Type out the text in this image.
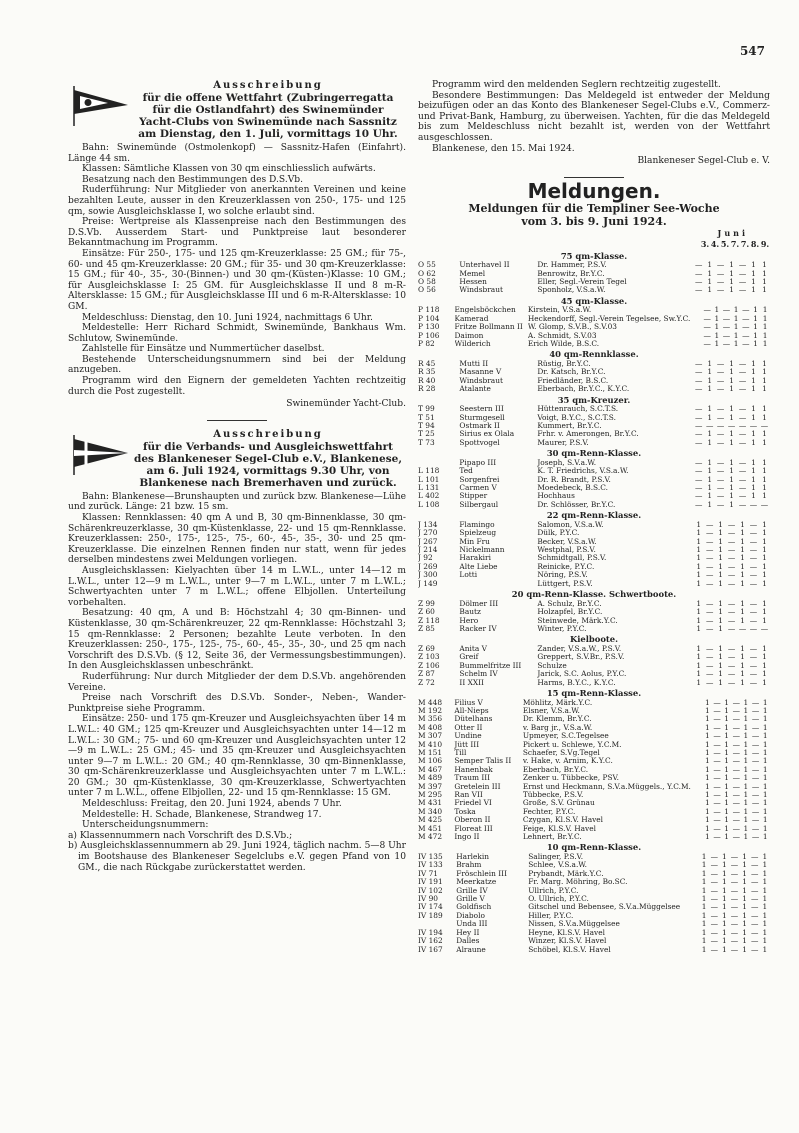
547
Ausschreibung
für die offene Wettfahrt (Zubringerregatta
für die Ostlandfahrt) des Swinemünder
Yacht-Clubs von Swinemünde nach Sassnitz
am Dienstag, den 1. Juli, vormittags 10 Uhr.

Bahn: Swinemünde (Ostmolenkopf) — Sassnitz-Hafen (Einfahrt). Länge 44 sm.

Klassen: Sämtliche Klassen von 30 qm einschliesslich aufwärts.

Besatzung nach den Bestimmungen des D.S.Vb.

Ruderführung: Nur Mitglieder von anerkannten Vereinen und keine bezahlten Leute, ausser in den Kreuzerklassen von 250-, 175- und 125 qm, sowie Ausgleichsklasse I, wo solche erlaubt sind.

Preise: Wertpreise als Klassenpreise nach den Bestimmungen des D.S.Vb. Ausserdem Start- und Punktpreise laut besonderer Bekanntmachung im Programm.

Einsätze: Für 250-, 175- und 125 qm-Kreuzerklasse: 25 GM.; für 75-, 60- und 45 qm-Kreuzerklasse: 20 GM.; für 35- und 30 qm-Kreuzerklasse: 15 GM.; für 40-, 35-, 30-(Binnen-) und 30 qm-(Küsten-)Klasse: 10 GM.; für Ausgleichsklasse I: 25 GM. für Ausgleichsklasse II und 8 m-R-Altersklasse: 15 GM.; für Ausgleichsklasse III und 6 m-R-Altersklasse: 10 GM.

Meldeschluss: Dienstag, den 10. Juni 1924, nachmittags 6 Uhr.

Meldestelle: Herr Richard Schmidt, Swinemünde, Bankhaus Wm. Schlutow, Swinemünde.

Zahlstelle für Einsätze und Nummertücher daselbst.

Bestehende Unterscheidungsnummern sind bei der Meldung anzugeben.

Programm wird den Eignern der gemeldeten Yachten rechtzeitig durch die Post zugestellt.

Swinemünder Yacht-Club.
Ausschreibung
für die Verbands- und Ausgleichswettfahrt
des Blankeneser Segel-Club e.V., Blankenese,
am 6. Juli 1924, vormittags 9.30 Uhr, von
Blankenese nach Bremerhaven und zurück.

Bahn: Blankenese—Brunshaupten und zurück bzw. Blankenese—Lühe und zurück. Länge: 21 bzw. 15 sm.

Klassen: Rennklassen: 40 qm A und B, 30 qm-Binnenklasse, 30 qm-Schärenkreuzerklasse, 30 qm-Küstenklasse, 22- und 15 qm-Rennklasse. Kreuzerklassen: 250-, 175-, 125-, 75-, 60-, 45-, 35-, 30- und 25 qm-Kreuzerklasse. Die einzelnen Rennen finden nur statt, wenn für jedes derselben mindestens zwei Meldungen vorliegen.

Ausgleichsklassen: Kielyachten über 14 m L.W.L., unter 14—12 m L.W.L., unter 12—9 m L.W.L., unter 9—7 m L.W.L., unter 7 m L.W.L.; Schwertyachten unter 7 m L.W.L.; offene Elbjollen. Unterteilung vorbehalten.

Besatzung: 40 qm, A und B: Höchstzahl 4; 30 qm-Binnen- und Küstenklasse, 30 qm-Schärenkreuzer, 22 qm-Rennklasse: Höchstzahl 3; 15 qm-Rennklasse: 2 Personen; bezahlte Leute verboten. In den Kreuzerklassen: 250-, 175-, 125-, 75-, 60-, 45-, 35-, 30-, und 25 qm nach Vorschrift des D.S.Vb. (§ 12, Seite 36, der Vermessungsbestimmungen). In den Ausgleichsklassen unbeschränkt.

Ruderführung: Nur durch Mitglieder der dem D.S.Vb. angehörenden Vereine.

Preise nach Vorschrift des D.S.Vb. Sonder-, Neben-, Wander-Punktpreise siehe Programm.

Einsätze: 250- und 175 qm-Kreuzer und Ausgleichsyachten über 14 m L.W.L.: 40 GM.; 125 qm-Kreuzer und Ausgleichsyachten unter 14—12 m L.W.L.: 30 GM.; 75- und 60 qm-Kreuzer und Ausgleichsyachten unter 12—9 m L.W.L.: 25 GM.; 45- und 35 qm-Kreuzer und Ausgleichsyachten unter 9—7 m L.W.L.: 20 GM.; 40 qm-Rennklasse, 30 qm-Binnenklasse, 30 qm-Schärenkreuzerklasse und Ausgleichsyachten unter 7 m L.W.L.: 20 GM.; 30 qm-Küstenklasse, 30 qm-Kreuzerklasse, Schwertyachten unter 7 m L.W.L., offene Elbjollen, 22- und 15 qm-Rennklasse: 15 GM.

Meldeschluss: Freitag, den 20. Juni 1924, abends 7 Uhr.

Meldestelle: H. Schade, Blankenese, Strandweg 17.

Unterscheidungsnummern:

a) Klassennummern nach Vorschrift des D.S.Vb.;
b) Ausgleichsklassennummern ab 29. Juni 1924, täglich nachm. 5—8 Uhr im Bootshause des Blankeneser Segelclubs e.V. gegen Pfand von 10 GM., die nach Rückgabe zurückerstattet werden.

Programm wird den meldenden Seglern rechtzeitig zugestellt.

Besondere Bestimmungen: Das Meldegeld ist entweder der Meldung beizufügen oder an das Konto des Blankeneser Segel-Clubs e.V., Commerz- und Privat-Bank, Hamburg, zu überweisen. Yachten, für die das Meldegeld bis zum Meldeschluss nicht bezahlt ist, werden von der Wettfahrt ausgeschlossen.

Blankenese, den 15. Mai 1924.

Blankeneser Segel-Club e. V.
Meldungen.
Meldungen für die Templiner See-Woche
vom 3. bis 9. Juni 1924.
Juni
3. 4. 5. 7. 7. 8. 9.
75 qm-Klasse.
O 55	Unterhavel II	Dr. Hammer, P.S.V.	—	1	—	1	—	1	1
O 62	Memel	Benrowitz, Br.Y.C.	—	1	—	1	—	1	1
O 58	Hessen	Eller, Segl.-Verein Tegel	—	1	—	1	—	1	1
O 56	Windsbraut	Sponholz, V.S.a.W.	—	1	—	1	—	1	1
45 qm-Klasse.
P 118	Engelsböckchen	Kirstein, V.S.a.W.	—	1	—	1	—	1	1
P 104	Kamerad	Heckendorff, Segl.-Verein Tegelsee, Sw.Y.C.	—	1	—	1	—	1	1
P 130	Fritze Bollmann II	W. Glomp, S.V.B., S.V.03	—	1	—	1	—	1	1
P 106	Daimon	A. Schmidt, S.V.03	—	1	—	1	—	1	1
P 82	Wilderich	Erich Wilde, B.S.C.	—	1	—	1	—	1	1
40 qm-Rennklasse.
R 45	Mutti II	Rüstig, Br.Y.C.	—	1	—	1	—	1	1
R 35	Masanne V	Dr. Katsch, Br.Y.C.	—	1	—	1	—	1	1
R 40	Windsbraut	Friedländer, B.S.C.	—	1	—	1	—	1	1
R 28	Atalante	Eberbach, Br.Y.C., K.Y.C.	—	1	—	1	—	1	1
35 qm-Kreuzer.
T 99	Seestern III	Hüttenrauch, S.C.T.S.	—	1	—	1	—	1	1
T 51	Sturmgesell	Voigt, B.Y.C., S.C.T.S.	—	1	—	1	—	1	1
T 94	Ostmark II	Kummert, Br.Y.C.	—	—	—	—	—	—	—
T 25	Sirius ex Olala	Frhr. v. Amerongen, Br.Y.C.	—	1	—	1	—	1	1
T 73	Spottvogel	Maurer, P.S.V.	—	1	—	1	—	1	1
30 qm-Renn-Klasse.
	Pipapo III	Joseph, S.V.a.W.	—	1	—	1	—	1	1
L 118	Ted	K. T. Friedrichs, V.S.a.W.	—	1	—	1	—	1	1
L 101	Sorgenfrei	Dr. R. Brandt, P.S.V.	—	1	—	1	—	1	1
L 131	Carmen V	Moedebeck, B.S.C.	—	1	—	1	—	1	1
L 402	Stipper	Hochhaus	—	1	—	1	—	1	1
L 108	Silbergaul	Dr. Schlösser, Br.Y.C.	—	1	—	1	—	—	—
22 qm-Renn-Klasse.
J 134	Flamingo	Salomon, V.S.a.W.	1	—	1	—	1	—	1
J 270	Spielzeug	Dülk, P.Y.C.	1	—	1	—	1	—	1
J 267	Min Fru	Becker, V.S.a.W.	1	—	1	—	1	—	1
J 214	Nickelmann	Westphal, P.S.V.	1	—	1	—	1	—	1
J 92	Harakiri	Schmidtgall, P.S.V.	1	—	1	—	1	—	1
J 269	Alte Liebe	Reinicke, P.Y.C.	1	—	1	—	1	—	1
J 300	Lotti	Nöring, P.S.V.	1	—	1	—	1	—	1
J 149		Lüttgert, P.S.V.	1	—	1	—	1	—	1
20 qm-Renn-Klasse. Schwertboote.
Z 99	Dölmer III	A. Schulz, Br.Y.C.	1	—	1	—	1	—	1
Z 60	Bautz	Holzapfel, Br.Y.C.	1	—	1	—	1	—	1
Z 118	Hero	Steinwede, Märk.Y.C.	1	—	1	—	1	—	1
Z 85	Racker IV	Winter, P.Y.C.	1	—	1	—	—	—	—
Kielboote.
Z 69	Anita V	Zander, V.S.a.W., P.S.V.	1	—	1	—	1	—	1
Z 103	Greif	Greppert, S.V.Br., P.S.V.	1	—	1	—	1	—	1
Z 106	Bummelfritze III	Schulze	1	—	1	—	1	—	1
Z 87	Schelm IV	Jarick, S.C. Aolus, P.Y.C.	1	—	1	—	1	—	1
Z 72	II XXII	Harms, B.Y.C., K.Y.C.	1	—	1	—	1	—	1
15 qm-Renn-Klasse.
M 448	Filius V	Möhlitz, Märk.Y.C.	1	—	1	—	1	—	1
M 192	All-Nieps	Elsner, V.S.a.W.	1	—	1	—	1	—	1
M 356	Dütelhans	Dr. Klemm, Br.Y.C.	1	—	1	—	1	—	1
M 408	Otter II	v. Barg jr., V.S.a.W.	1	—	1	—	1	—	1
M 307	Undine	Upmeyer, S.C.Tegelsee	1	—	1	—	1	—	1
M 410	Jütt III	Pickert u. Schlewe, Y.C.M.	1	—	1	—	1	—	1
M 151	Till	Schaefer, S.Vg.Tegel	1	—	1	—	1	—	1
M 106	Semper Talis II	v. Hake, v. Arnim, K.Y.C.	1	—	1	—	1	—	1
M 467	Hanenbak	Eberbach, Br.Y.C.	1	—	1	—	1	—	1
M 489	Traum III	Zenker u. Tübbecke, PSV.	1	—	1	—	1	—	1
M 397	Gretelein III	Ernst und Heckmann, S.V.a.Müggels., Y.C.M.	1	—	1	—	1	—	1
M 295	Ran VII	Tübbecke, P.S.V.	1	—	1	—	1	—	1
M 431	Friedel VI	Große, S.V. Grünau	1	—	1	—	1	—	1
M 340	Toska	Fechter, P.Y.C.	1	—	1	—	1	—	1
M 425	Oberon II	Czygan, Kl.S.V. Havel	1	—	1	—	1	—	1
M 451	Floreat III	Feige, Kl.S.V. Havel	1	—	1	—	1	—	1
M 472	Ingo II	Lehnert, Br.Y.C.	1	—	1	—	1	—	1
10 qm-Renn-Klasse.
IV 135	Harlekin	Salinger, P.S.V.	1	—	1	—	1	—	1
IV 133	Brahm	Schlee, V.S.a.W.	1	—	1	—	1	—	1
IV 71	Fröschlein III	Prybandt, Märk.Y.C.	1	—	1	—	1	—	1
IV 191	Meerkatze	Fr. Marg. Möhring, Bo.SC.	1	—	1	—	1	—	1
IV 102	Grille IV	Ullrich, P.Y.C.	1	—	1	—	1	—	1
IV 90	Grille V	O. Ullrich, P.Y.C.	1	—	1	—	1	—	1
IV 174	Goldfisch	Gitschel und Bebensee, S.V.a.Müggelsee	1	—	1	—	1	—	1
IV 189	Diabolo	Hiller, P.Y.C.	1	—	1	—	1	—	1
	Unda III	Nissen, S.V.a.Müggelsee	1	—	1	—	1	—	1
IV 194	Hey II	Heyne, Kl.S.V. Havel	1	—	1	—	1	—	1
IV 162	Dalles	Winzer, Kl.S.V. Havel	1	—	1	—	1	—	1
IV 167	Alraune	Schöbel, Kl.S.V. Havel	1	—	1	—	1	—	1
